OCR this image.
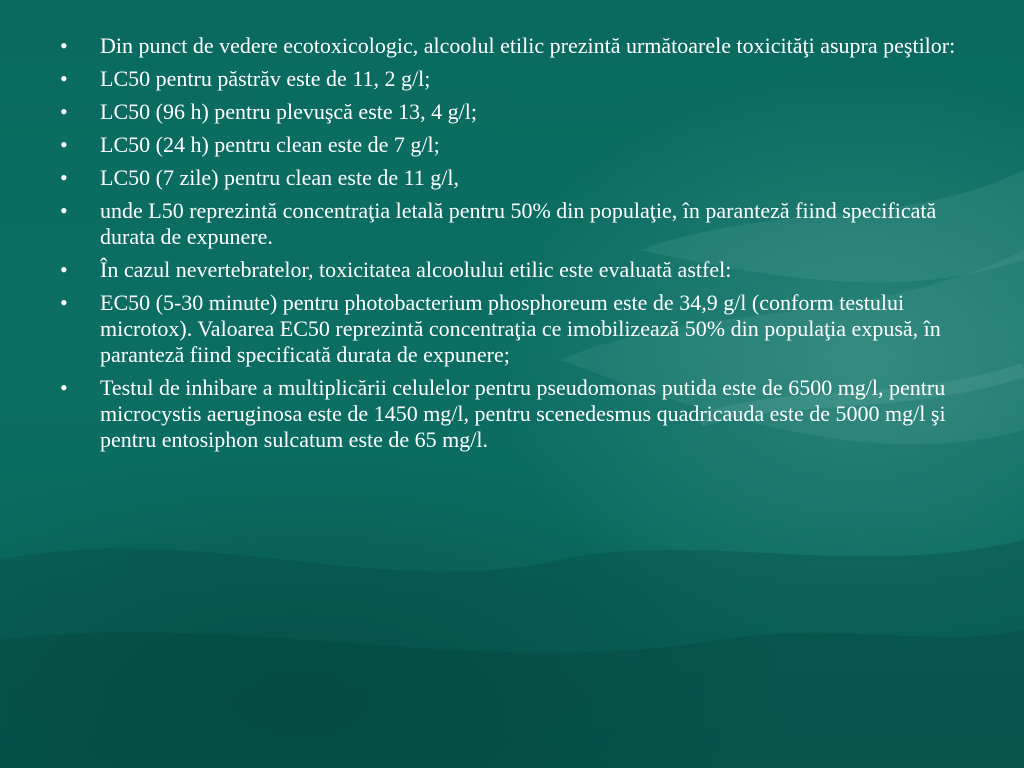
• Din punct de vedere ecotoxicologic, alcoolul etilic prezintă următoarele toxicităţi asupra peştilor:
• LC50 pentru păstrăv este de 11, 2 g/l;
• LC50 (96 h) pentru plevuşcă este 13, 4 g/l;
• LC50 (24 h) pentru clean este de 7 g/l;
• LC50 (7 zile) pentru clean este de 11 g/l,
• unde L50 reprezintă concentraţia letală pentru 50% din populaţie, în paranteză fiind specificată durata de expunere.
• În cazul nevertebratelor, toxicitatea alcoolului etilic este evaluată astfel:
• EC50 (5-30 minute) pentru photobacterium phosphoreum este de 34,9 g/l (conform testului microtox). Valoarea EC50 reprezintă concentraţia ce imobilizează 50% din populaţia expusă, în paranteză fiind specificată durata de expunere;
• Testul de inhibare a multiplicării celulelor pentru pseudomonas putida este de 6500 mg/l, pentru microcystis aeruginosa este de 1450 mg/l, pentru scenedesmus quadricauda este de 5000 mg/l şi pentru entosiphon sulcatum este de 65 mg/l.
